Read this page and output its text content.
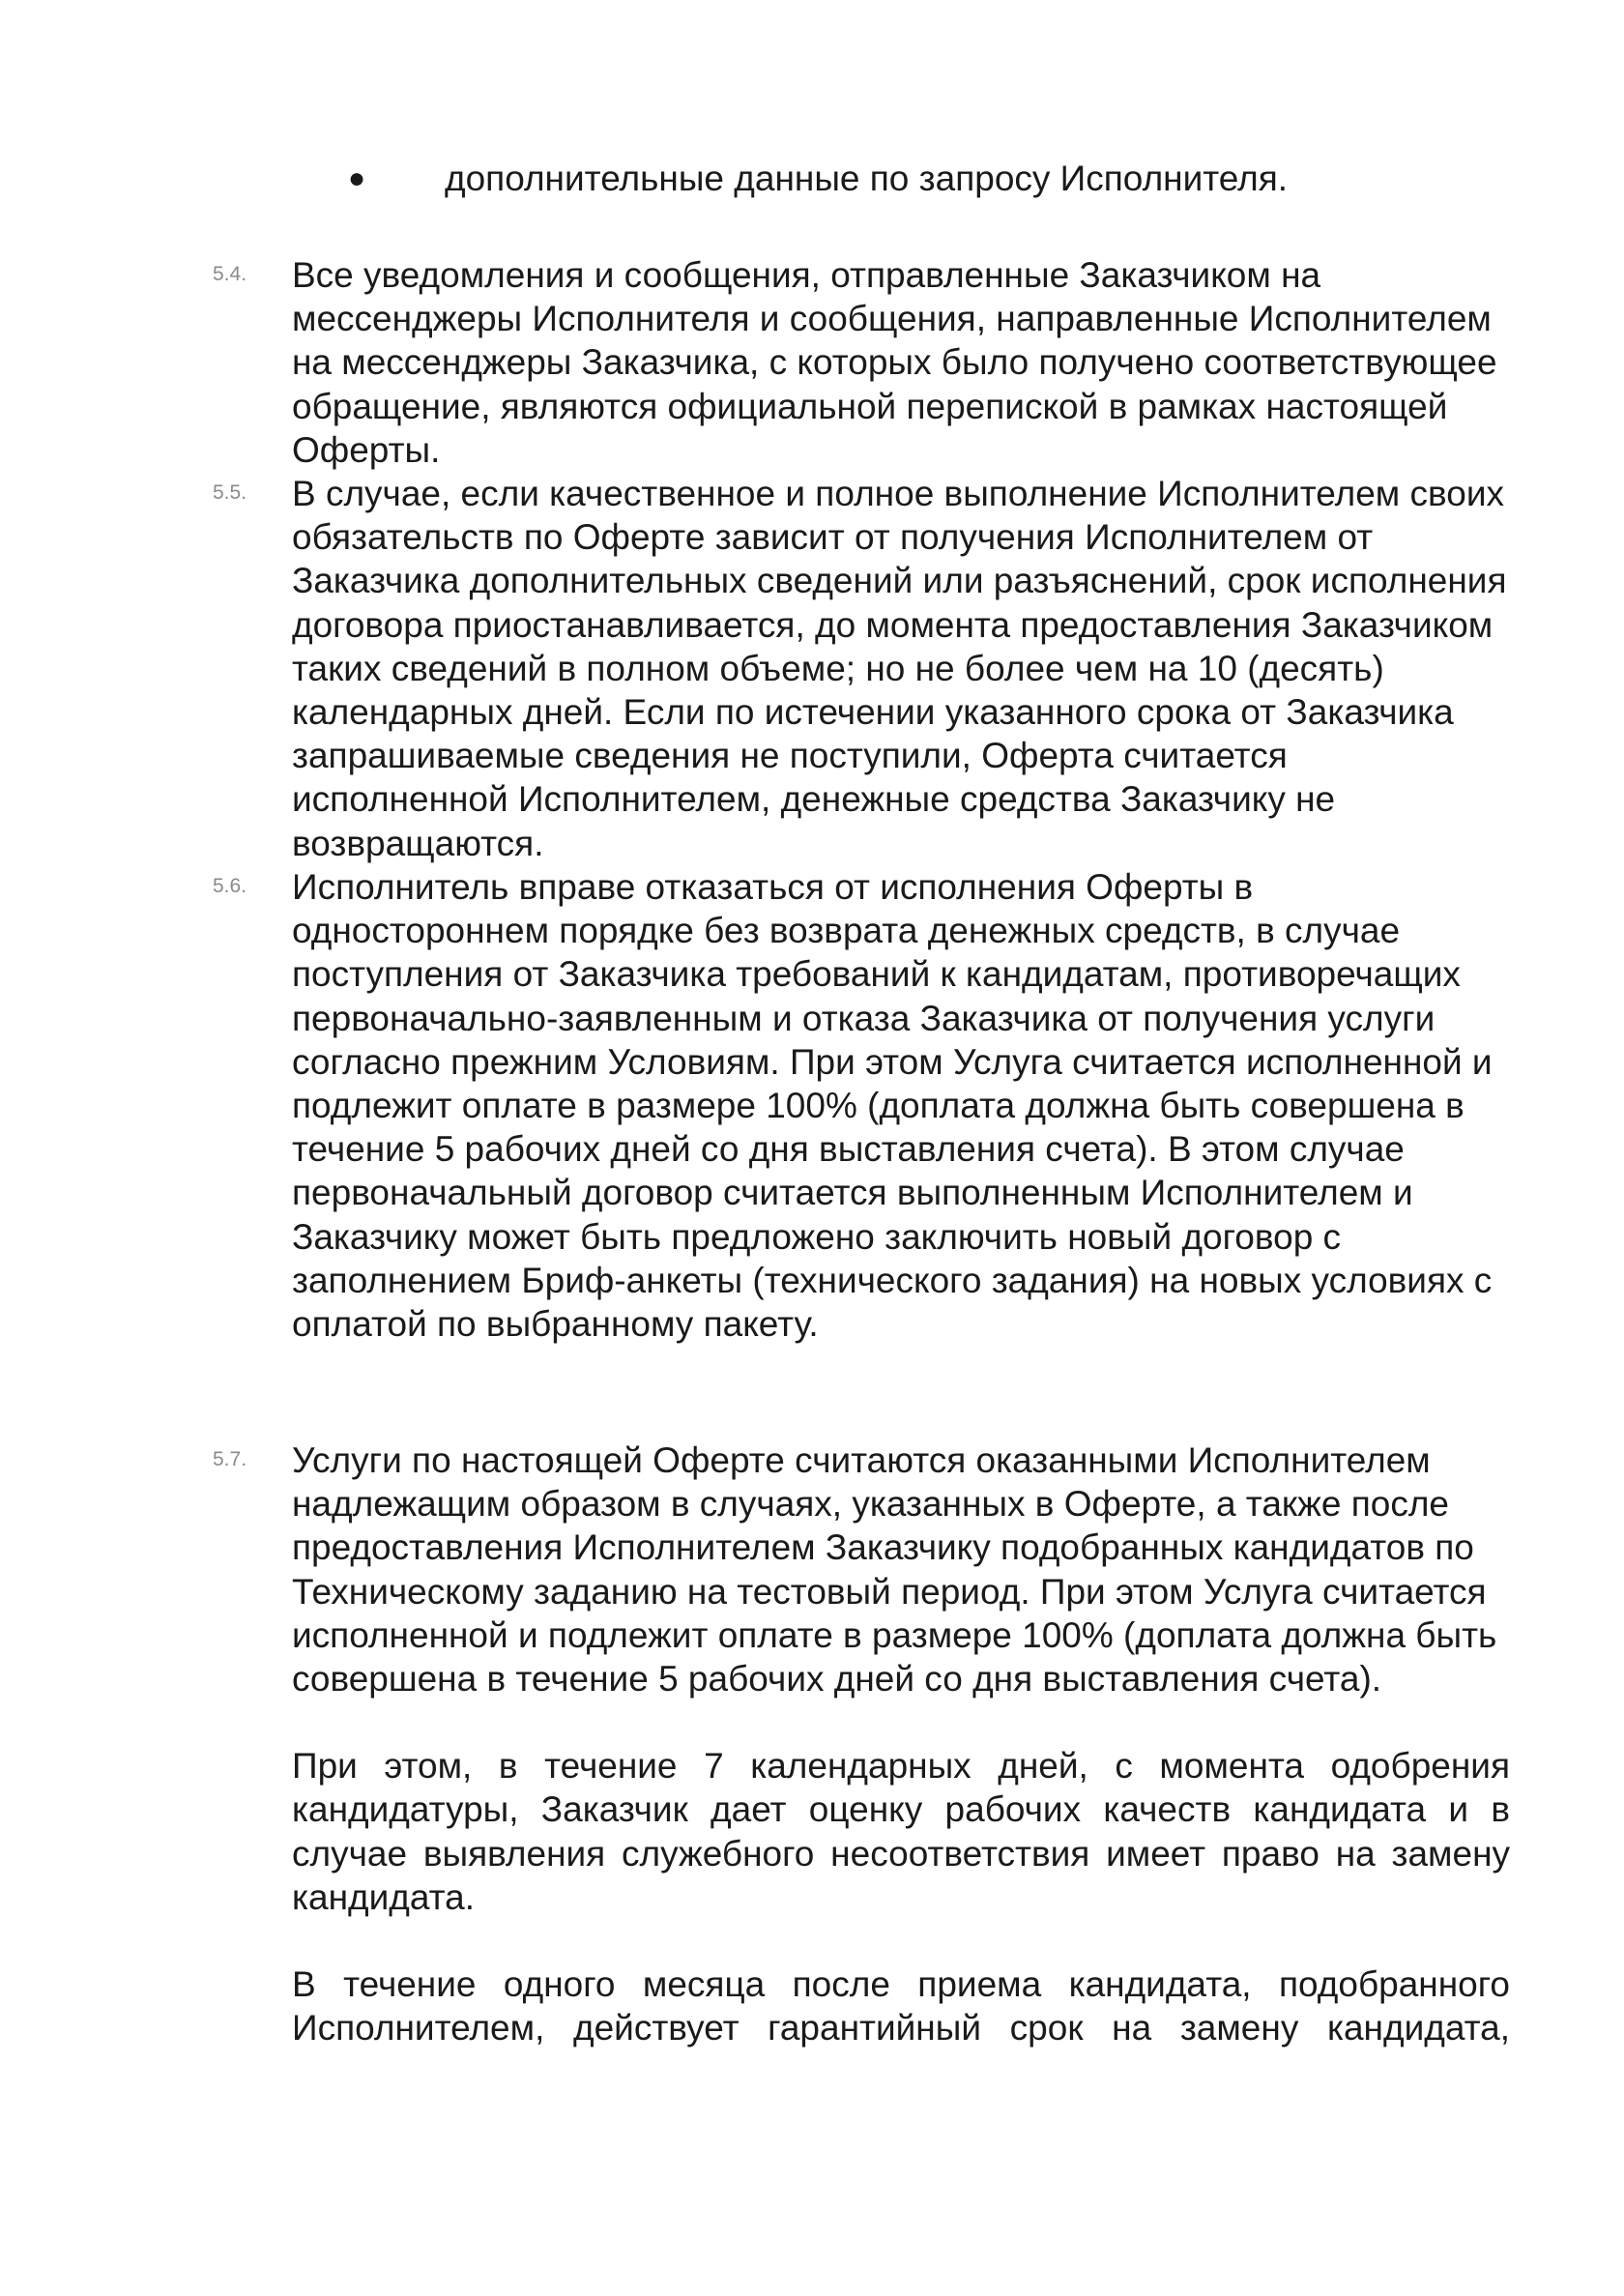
● дополнительные данные по запросу Исполнителя.
5.4.	Все уведомления и сообщения, отправленные Заказчиком на мессенджеры Исполнителя и сообщения, направленные Исполнителем на мессенджеры Заказчика, с которых было получено соответствующее обращение, являются официальной перепиской в рамках настоящей Оферты.

5.5.	В случае, если качественное и полное выполнение Исполнителем своих обязательств по Оферте зависит от получения Исполнителем от Заказчика дополнительных сведений или разъяснений, срок исполнения договора приостанавливается, до момента предоставления Заказчиком таких сведений в полном объеме; но не более чем на 10 (десять) календарных дней. Если по истечении указанного срока от Заказчика запрашиваемые сведения не поступили, Оферта считается исполненной Исполнителем, денежные средства Заказчику не возвращаются.

5.6.	Исполнитель вправе отказаться от исполнения Оферты в одностороннем порядке без возврата денежных средств, в случае поступления от Заказчика требований к кандидатам, противоречащих первоначально-заявленным и отказа Заказчика от получения услуги согласно прежним Условиям. При этом Услуга считается исполненной и подлежит оплате в размере 100% (доплата должна быть совершена в течение 5 рабочих дней со дня выставления счета). В этом случае первоначальный договор считается выполненным Исполнителем и Заказчику может быть предложено заключить новый договор с заполнением Бриф-анкеты (технического задания) на новых условиях с оплатой по выбранному пакету.

5.7.	Услуги по настоящей Оферте считаются оказанными Исполнителем надлежащим образом в случаях, указанных в Оферте, а также после предоставления Исполнителем Заказчику подобранных кандидатов по Техническому заданию на тестовый период. При этом Услуга считается исполненной и подлежит оплате в размере 100% (доплата должна быть совершена в течение 5 рабочих дней со дня выставления счета).

При этом, в течение 7 календарных дней, с момента одобрения кандидатуры, Заказчик дает оценку рабочих качеств кандидата и в случае выявления служебного несоответствия имеет право на замену кандидата.

В течение одного месяца после приема кандидата, подобранного Исполнителем, действует гарантийный срок на замену кандидата,
